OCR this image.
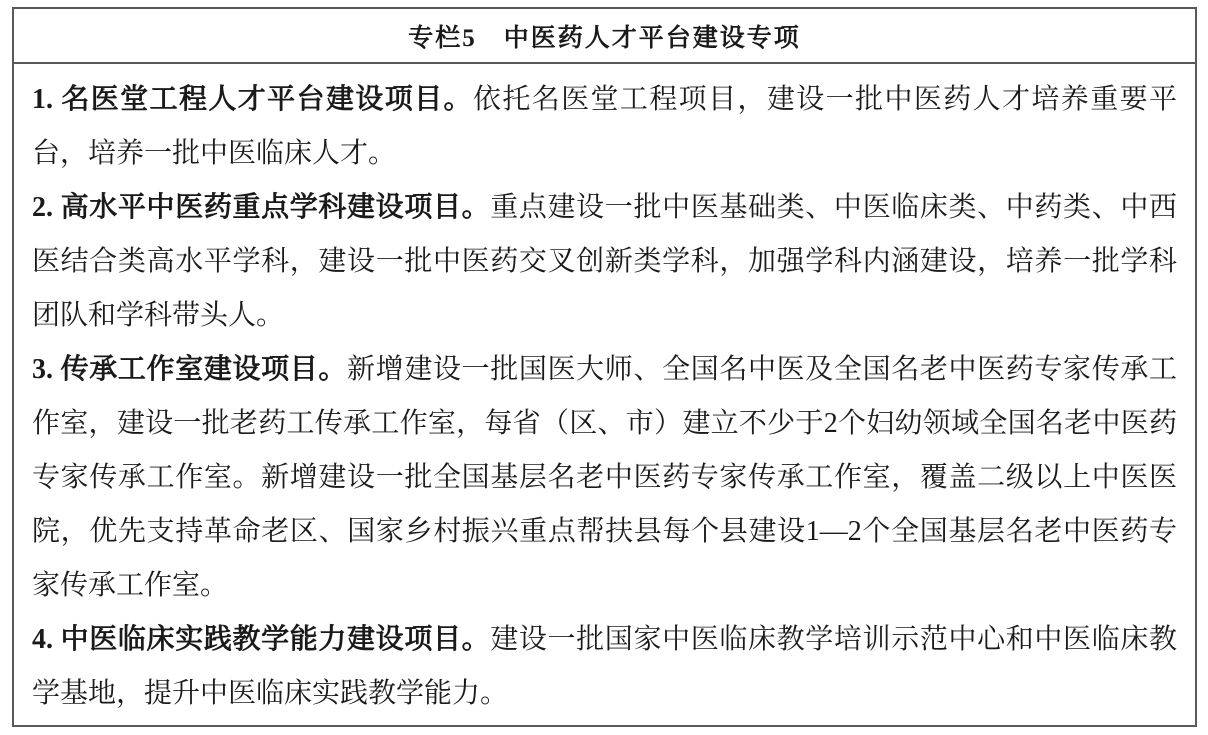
专栏5　中医药人才平台建设专项

1. 名医堂工程人才平台建设项目。依托名医堂工程项目，建设一批中医药人才培养重要平台，培养一批中医临床人才。

2. 高水平中医药重点学科建设项目。重点建设一批中医基础类、中医临床类、中药类、中西医结合类高水平学科，建设一批中医药交叉创新类学科，加强学科内涵建设，培养一批学科团队和学科带头人。

3. 传承工作室建设项目。新增建设一批国医大师、全国名中医及全国名老中医药专家传承工作室，建设一批老药工传承工作室，每省（区、市）建立不少于2个妇幼领域全国名老中医药专家传承工作室。新增建设一批全国基层名老中医药专家传承工作室，覆盖二级以上中医医院，优先支持革命老区、国家乡村振兴重点帮扶县每个县建设1—2个全国基层名老中医药专家传承工作室。

4. 中医临床实践教学能力建设项目。建设一批国家中医临床教学培训示范中心和中医临床教学基地，提升中医临床实践教学能力。
